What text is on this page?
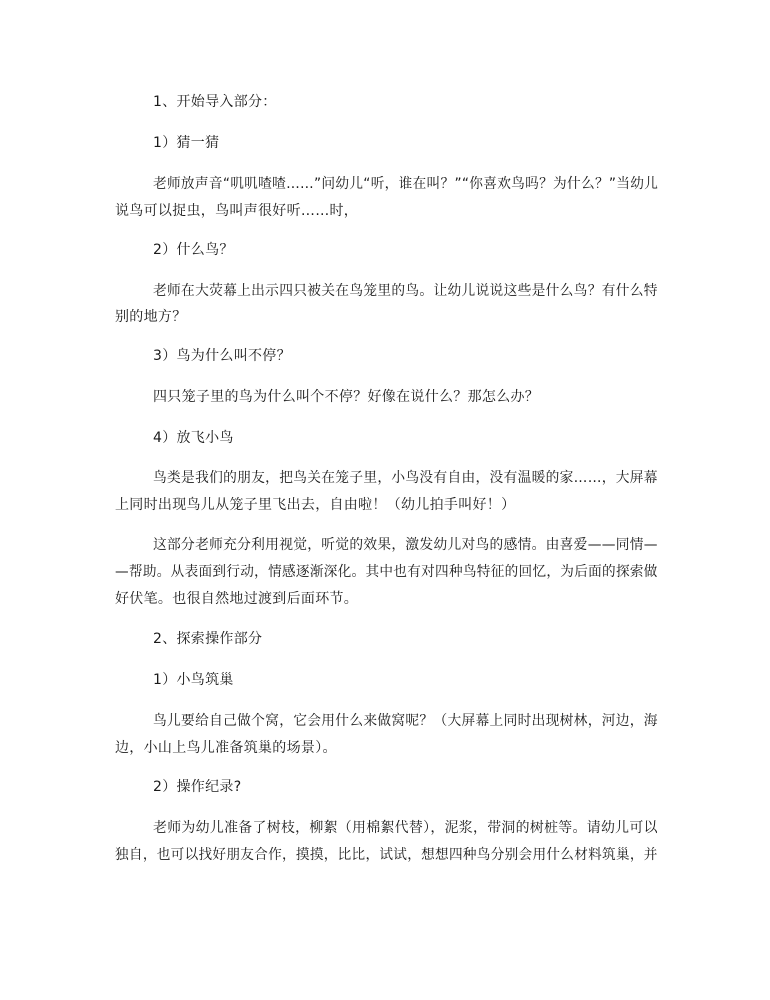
1、开始导入部分：
1）猜一猜
老师放声音“叽叽喳喳……”问幼儿“听，谁在叫？”“你喜欢鸟吗？为什么？”当幼儿
说鸟可以捉虫，鸟叫声很好听……时，
2）什么鸟？
老师在大荧幕上出示四只被关在鸟笼里的鸟。让幼儿说说这些是什么鸟？有什么特
别的地方？
3）鸟为什么叫不停？
四只笼子里的鸟为什么叫个不停？好像在说什么？那怎么办？
4）放飞小鸟
鸟类是我们的朋友，把鸟关在笼子里，小鸟没有自由，没有温暖的家……，大屏幕
上同时出现鸟儿从笼子里飞出去，自由啦！（幼儿拍手叫好！）
这部分老师充分利用视觉，听觉的效果，激发幼儿对鸟的感情。由喜爱——同情—
—帮助。从表面到行动，情感逐渐深化。其中也有对四种鸟特征的回忆，为后面的探索做
好伏笔。也很自然地过渡到后面环节。
2、探索操作部分
1）小鸟筑巢
鸟儿要给自己做个窝，它会用什么来做窝呢？（大屏幕上同时出现树林，河边，海
边，小山上鸟儿准备筑巢的场景）。
2）操作纪录?
老师为幼儿准备了树枝，柳絮（用棉絮代替），泥浆，带洞的树桩等。请幼儿可以
独自，也可以找好朋友合作，摸摸，比比，试试，想想四种鸟分别会用什么材料筑巢，并
